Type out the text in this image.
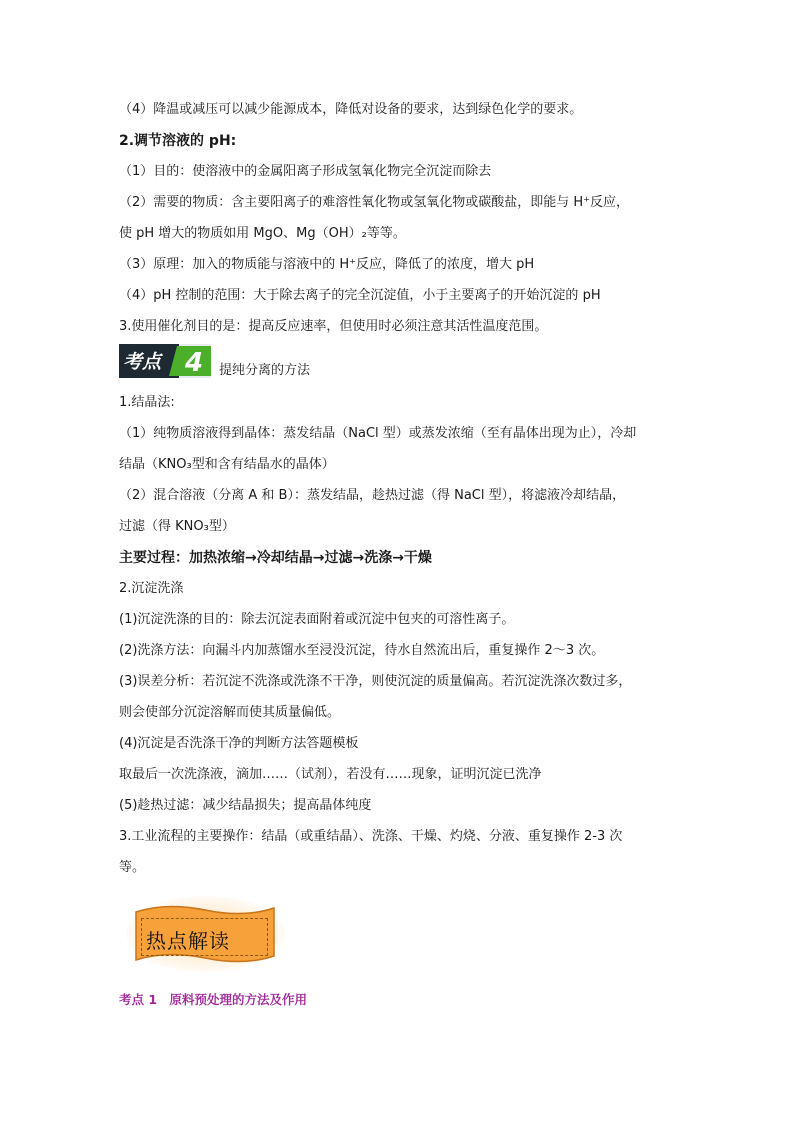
（4）降温或减压可以减少能源成本，降低对设备的要求，达到绿色化学的要求。
2.调节溶液的 pH:
（1）目的：使溶液中的金属阳离子形成氢氧化物完全沉淀而除去
（2）需要的物质：含主要阳离子的难溶性氧化物或氢氧化物或碳酸盐，即能与 H⁺反应，
使 pH 增大的物质如用 MgO、Mg（OH）₂等等。
（3）原理：加入的物质能与溶液中的 H⁺反应，降低了的浓度，增大 pH
（4）pH 控制的范围：大于除去离子的完全沉淀值，小于主要离子的开始沉淀的 pH
3.使用催化剂目的是：提高反应速率，但使用时必须注意其活性温度范围。
考点 4 提纯分离的方法
1.结晶法:
（1）纯物质溶液得到晶体：蒸发结晶（NaCl 型）或蒸发浓缩（至有晶体出现为止），冷却
结晶（KNO₃型和含有结晶水的晶体）
（2）混合溶液（分离 A 和 B）：蒸发结晶，趁热过滤（得 NaCl 型），将滤液冷却结晶，
过滤（得 KNO₃型）
主要过程：加热浓缩→冷却结晶→过滤→洗涤→干燥
2.沉淀洗涤
(1)沉淀洗涤的目的：除去沉淀表面附着或沉淀中包夹的可溶性离子。
(2)洗涤方法：向漏斗内加蒸馏水至浸没沉淀，待水自然流出后，重复操作 2～3 次。
(3)误差分析：若沉淀不洗涤或洗涤不干净，则使沉淀的质量偏高。若沉淀洗涤次数过多，
则会使部分沉淀溶解而使其质量偏低。
(4)沉淀是否洗涤干净的判断方法答题模板
取最后一次洗涤液，滴加……（试剂），若没有……现象，证明沉淀已洗净
(5)趁热过滤：减少结晶损失；提高晶体纯度
3.工业流程的主要操作：结晶（或重结晶）、洗涤、干燥、灼烧、分液、重复操作 2-3 次
等。
热点解读
考点 1　原料预处理的方法及作用
